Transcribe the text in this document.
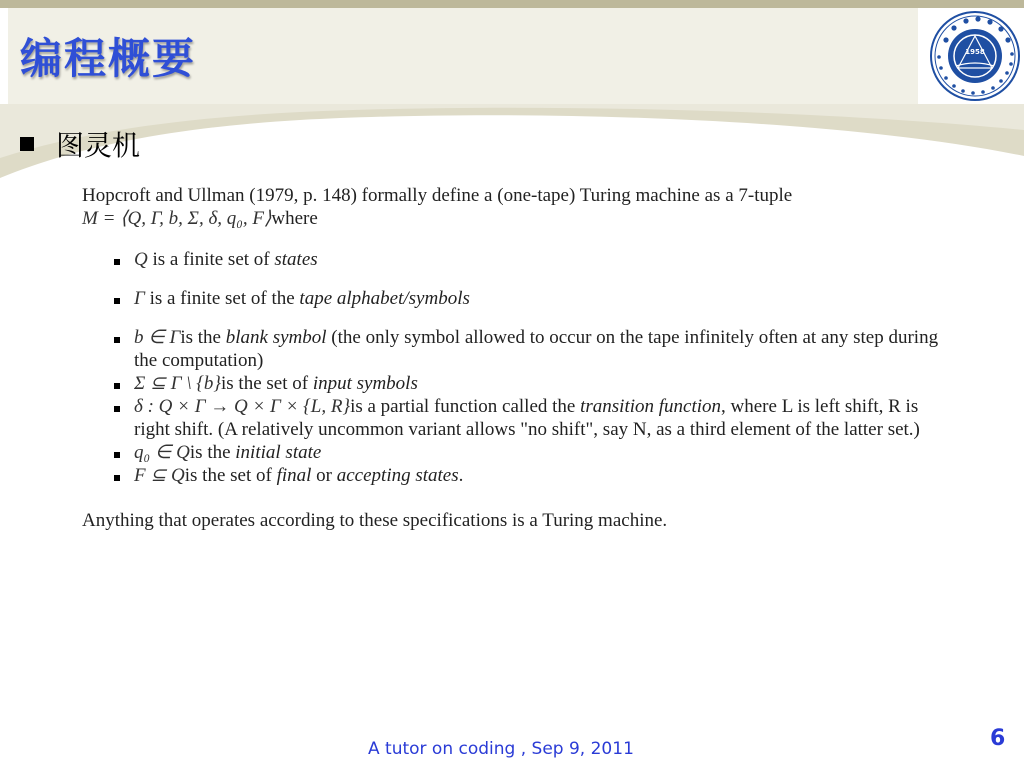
编程概要	1958
图灵机

Hopcroft and Ullman (1979, p. 148) formally define a (one-tape) Turing machine as a 7-tuple
M = ⟨Q, Γ, b, Σ, δ, q₀, F⟩where

Q is a finite set of states
Γ is a finite set of the tape alphabet/symbols
b ∈ Γis the blank symbol (the only symbol allowed to occur on the tape infinitely often at any step during the computation)
Σ ⊆ Γ \ {b}is the set of input symbols
δ : Q × Γ → Q × Γ × {L, R}is a partial function called the transition function, where L is left shift, R is right shift. (A relatively uncommon variant allows "no shift", say N, as a third element of the latter set.)
q₀ ∈ Qis the initial state
F ⊆ Qis the set of final or accepting states.

Anything that operates according to these specifications is a Turing machine.

A tutor on coding , Sep 9, 2011	6
